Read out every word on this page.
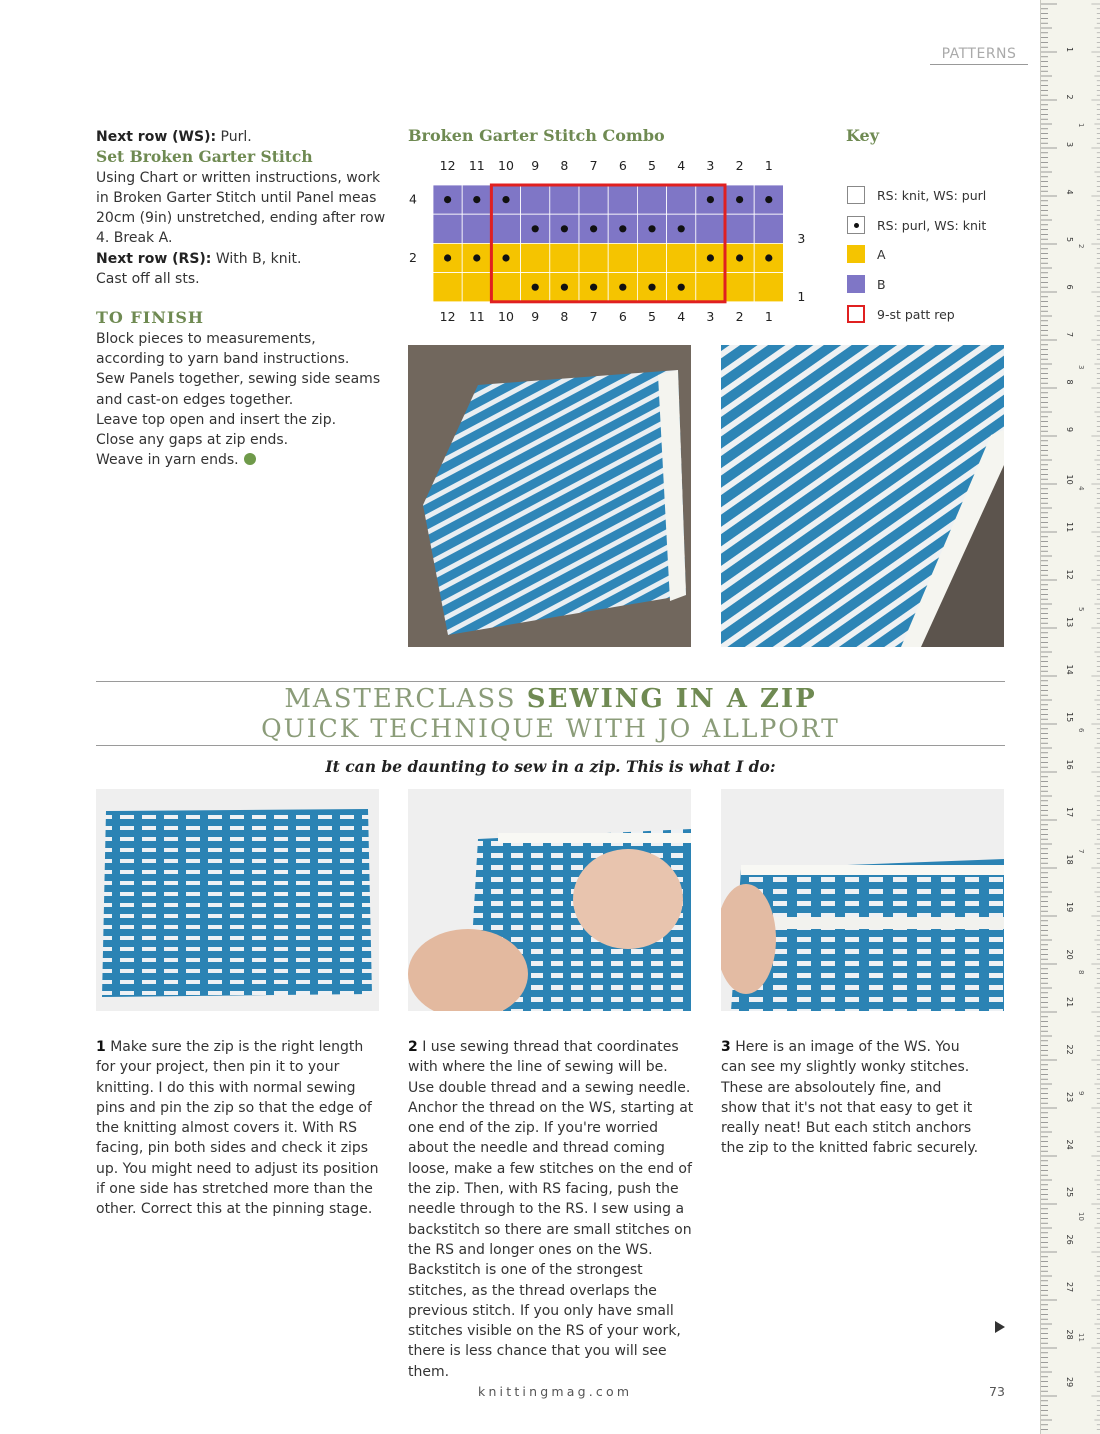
PATTERNS

Next row (WS): Purl.

Set Broken Garter Stitch

Using Chart or written instructions, work in Broken Garter Stitch until Panel meas 20cm (9in) unstretched, ending after row 4. Break A.

Next row (RS): With B, knit.

Cast off all sts.

TO FINISH

Block pieces to measurements,
according to yarn band instructions.
Sew Panels together, sewing side seams
and cast-on edges together.
Leave top open and insert the zip.
Close any gaps at zip ends.
Weave in yarn ends.
Broken Garter Stitch Combo
12
12
11
11
10
10
9
9
8
8
7
7
6
6
5
5
4
4
3
3
2
2
1
1
4
2
3
1
Key
RS: knit, WS: purl
RS: purl, WS: knit
A
B
9-st patt rep
MASTERCLASS SEWING IN A ZIP
QUICK TECHNIQUE WITH JO ALLPORT
It can be daunting to sew in a zip. This is what I do:
1 Make sure the zip is the right length for your project, then pin it to your knitting. I do this with normal sewing pins and pin the zip so that the edge of the knitting almost covers it. With RS facing, pin both sides and check it zips up. You might need to adjust its position if one side has stretched more than the other. Correct this at the pinning stage.
2 I use sewing thread that coordinates with where the line of sewing will be. Use double thread and a sewing needle. Anchor the thread on the WS, starting at one end of the zip. If you're worried about the needle and thread coming loose, make a few stitches on the end of the zip. Then, with RS facing, push the needle through to the RS. I sew using a backstitch so there are small stitches on the RS and longer ones on the WS. Backstitch is one of the strongest stitches, as the thread overlaps the previous stitch. If you only have small stitches visible on the RS of your work, there is less chance that you will see them.
3 Here is an image of the WS. You can see my slightly wonky stitches. These are absoloutely fine, and show that it's not that easy to get it really neat! But each stitch anchors the zip to the knitted fabric securely.
knittingmag.com	73
1
2
3
4
5
6
7
8
9
10
11
12
13
14
15
16
17
18
19
20
21
22
23
24
25
26
27
28
29
1
2
3
4
5
6
7
8
9
10
11
